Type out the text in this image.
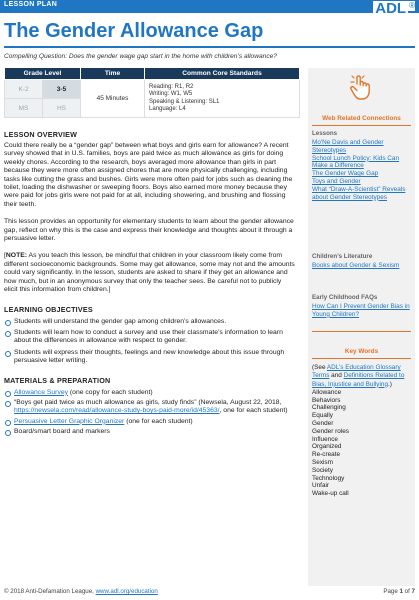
LESSON PLAN	ADL ®
The Gender Allowance Gap
Compelling Question: Does the gender wage gap start in the home with children’s allowance?
Grade Level		Time	Common Core Standards
K-2	3-5	45 Minutes	Reading: R1, R2
Writing: W1, W5
Speaking & Listening: SL1
Language: L4

MS	HS		
LESSON OVERVIEW

Could there really be a “gender gap” between what boys and girls earn for allowance? A recent survey showed that in U.S. families, boys are paid twice as much allowance as girls for doing weekly chores. According to the research, boys averaged more allowance than girls in part because they were more often assigned chores that are more physically challenging, including tasks like cutting the grass and bushes. Girls were more often paid for jobs such as cleaning the toilet, loading the dishwasher or sweeping floors. Boys also earned more money because they were paid for jobs girls were not paid for at all, including showering, and brushing and flossing their teeth.

This lesson provides an opportunity for elementary students to learn about the gender allowance gap, reflect on why this is the case and express their knowledge and thoughts about it through a persuasive letter.

[NOTE: As you teach this lesson, be mindful that children in your classroom likely come from different socioeconomic backgrounds. Some may get allowance, some may not and the amounts could vary significantly. In the lesson, students are asked to share if they get an allowance and how much, but in an anonymous survey that only the teacher sees. Be careful not to publicly elicit this information from children.]

LEARNING OBJECTIVES
Students will understand the gender gap among children’s allowances.
Students will learn how to conduct a survey and use their classmate’s information to learn about the differences in allowance with respect to gender.
Students will express their thoughts, feelings and new knowledge about this issue through persuasive letter writing.
MATERIALS & PREPARATION
Allowance Survey (one copy for each student)
“Boys get paid twice as much allowance as girls, study finds” (Newsela, August 22, 2018, https://newsela.com/read/allowance-study-boys-paid-more/id/45363/, one for each student)
Persuasive Letter Graphic Organizer (one for each student)
Board/smart board and markers
Web Related Connections
Lessons
Mo'Ne Davis and Gender Stereotypes
School Lunch Policy: Kids Can Make a Difference
The Gender Wage Gap
Toys and Gender
What “Draw-A-Scientist” Reveals about Gender Stereotypes
Children’s Literature
Books about Gender & Sexism
Early Childhood FAQs
How Can I Prevent Gender Bias in Young Children?
Key Words

(See ADL’s Education Glossary Terms and Definitions Related to Bias, Injustice and Bullying.)

Allowance
Behaviors
Challenging
Equally
Gender
Gender roles
Influence
Organized
Re-create
Sexism
Society
Technology
Unfair
Wake-up call
© 2018 Anti-Defamation League, www.adl.org/education	Page 1 of 7
